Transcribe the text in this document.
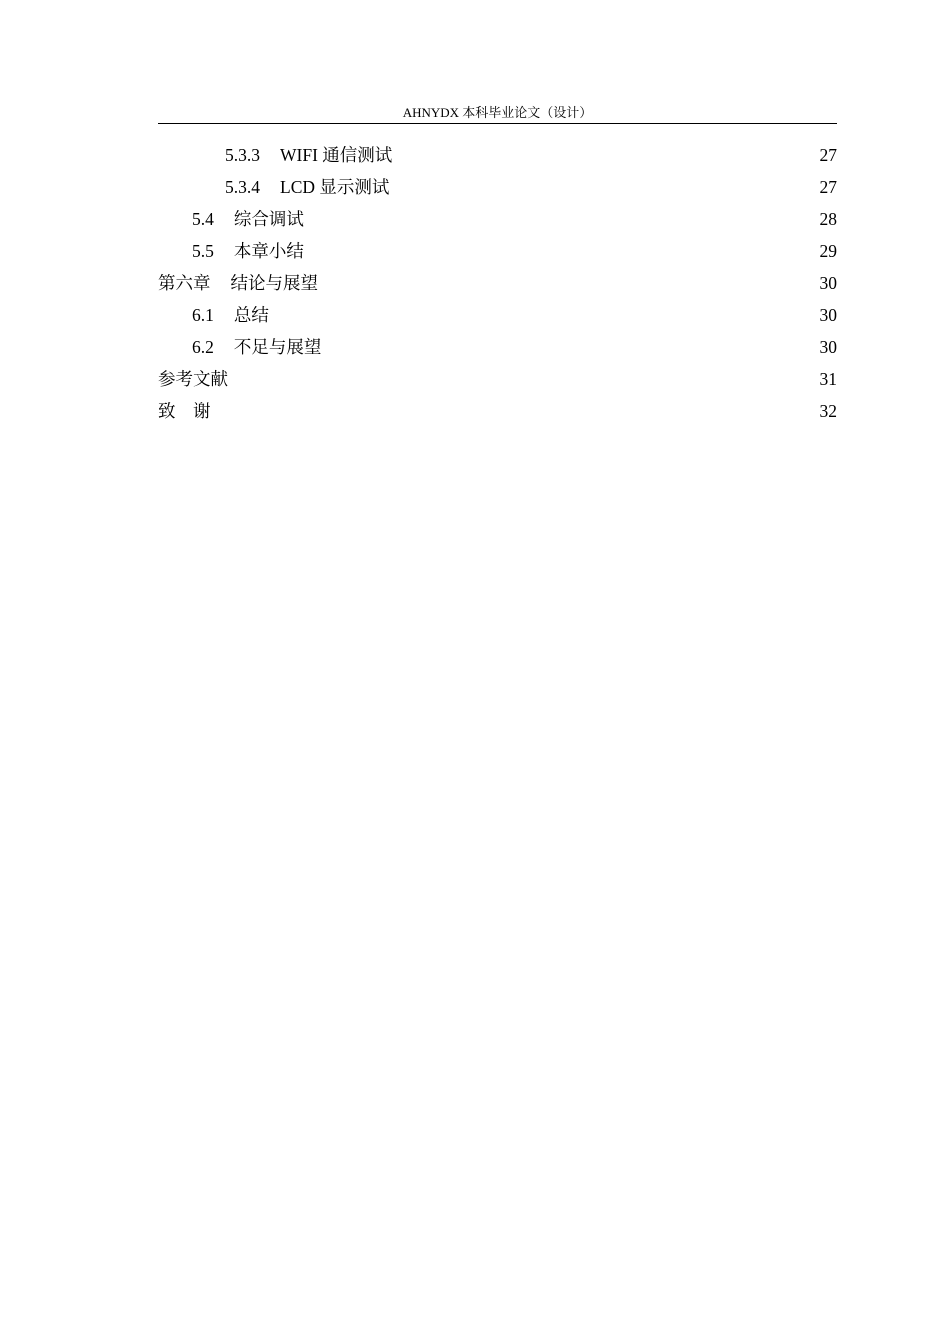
AHNYDX 本科毕业论文（设计）
5.3.3 WIFI 通信测试	27
5.3.4 LCD 显示测试	27
5.4 综合调试	28
5.5 本章小结	29
第六章 结论与展望	30
6.1 总结	30
6.2 不足与展望	30
参考文献	31
致　谢	32
